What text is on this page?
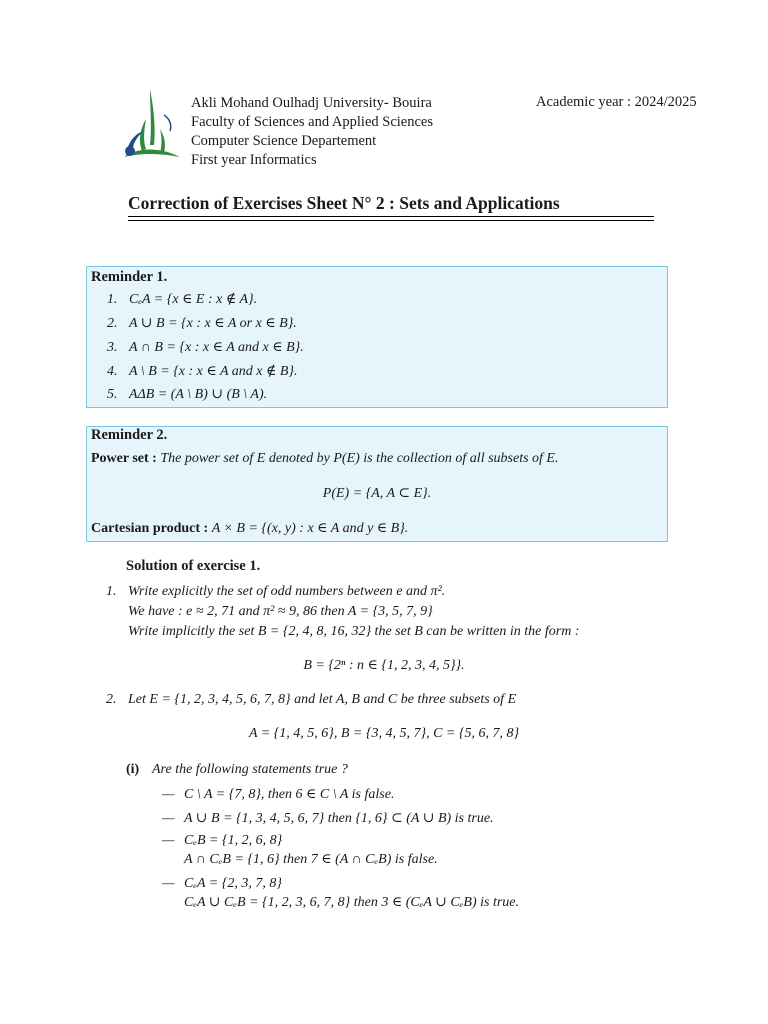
Akli Mohand Oulhadj University- Bouira
Faculty of Sciences and Applied Sciences
Computer Science Departement
First year Informatics
Academic year : 2024/2025
Correction of Exercises Sheet N° 2 : Sets and Applications
Reminder 1.
1. CₑA = {x ∈ E : x ∉ A}.
2. A ∪ B = {x : x ∈ A or x ∈ B}.
3. A ∩ B = {x : x ∈ A and x ∈ B}.
4. A \ B = {x : x ∈ A and x ∉ B}.
5. AΔB = (A \ B) ∪ (B \ A).
Reminder 2.
Power set : The power set of E denoted by P(E) is the collection of all subsets of E.
P(E) = {A, A ⊂ E}.
Cartesian product : A × B = {(x, y) : x ∈ A and y ∈ B}.
Solution of exercise 1.
1. Write explicitly the set of odd numbers between e and π².
We have : e ≈ 2, 71 and π² ≈ 9, 86 then A = {3, 5, 7, 9}
Write implicitly the set B = {2, 4, 8, 16, 32} the set B can be written in the form :
B = {2ⁿ : n ∈ {1, 2, 3, 4, 5}}.
2. Let E = {1, 2, 3, 4, 5, 6, 7, 8} and let A, B and C be three subsets of E
A = {1, 4, 5, 6}, B = {3, 4, 5, 7}, C = {5, 6, 7, 8}
(i) Are the following statements true ?
— C \ A = {7, 8}, then 6 ∈ C \ A is false.
— A ∪ B = {1, 3, 4, 5, 6, 7} then {1, 6} ⊂ (A ∪ B) is true.
— CₑB = {1, 2, 6, 8}
A ∩ CₑB = {1, 6} then 7 ∈ (A ∩ CₑB) is false.
— CₑA = {2, 3, 7, 8}
CₑA ∪ CₑB = {1, 2, 3, 6, 7, 8} then 3 ∈ (CₑA ∪ CₑB) is true.
